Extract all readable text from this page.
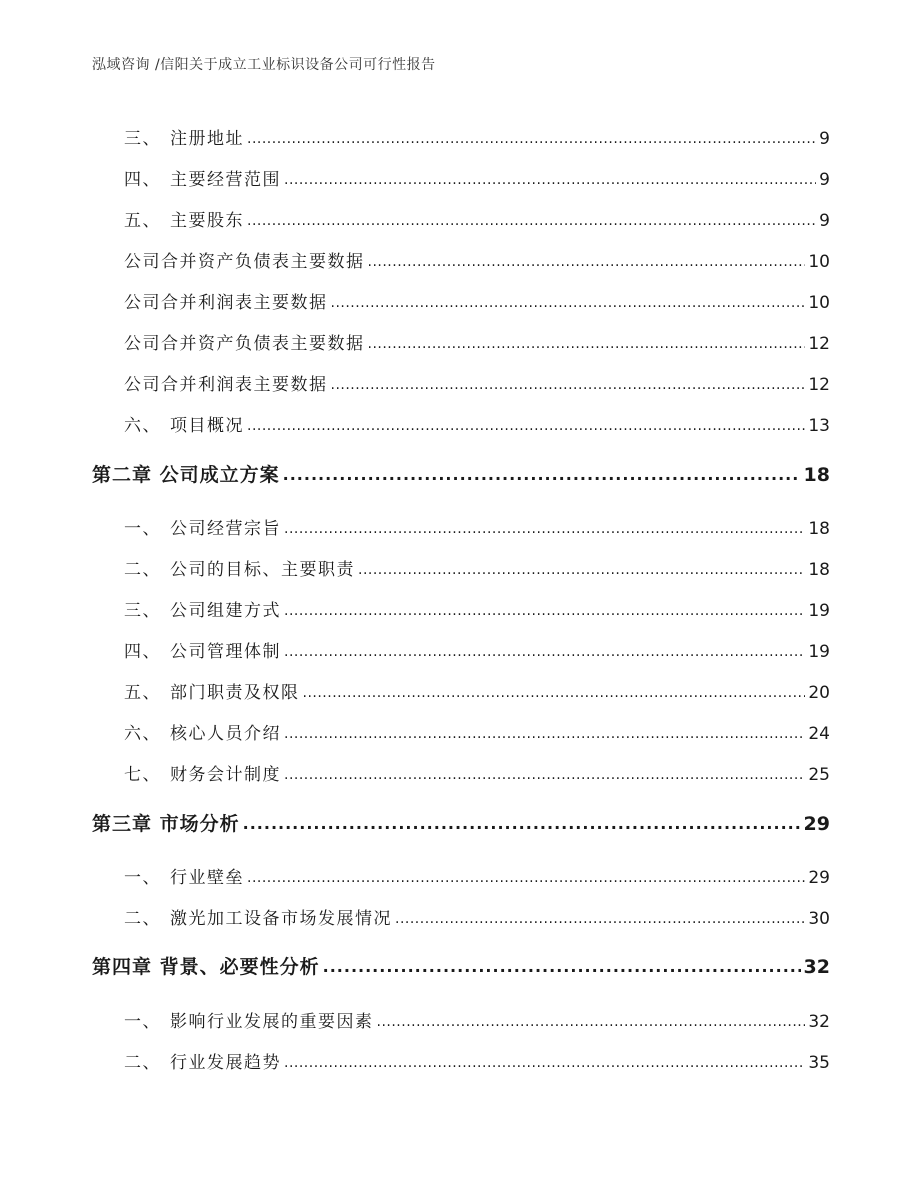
泓域咨询 /信阳关于成立工业标识设备公司可行性报告
三、 注册地址 .....	9
四、 主要经营范围 .....	9
五、 主要股东 .....	9
公司合并资产负债表主要数据 .....	10
公司合并利润表主要数据 .....	10
公司合并资产负债表主要数据 .....	12
公司合并利润表主要数据 .....	12
六、 项目概况 .....	13
第二章 公司成立方案 .....	18
一、 公司经营宗旨 .....	18
二、 公司的目标、主要职责 .....	18
三、 公司组建方式 .....	19
四、 公司管理体制 .....	19
五、 部门职责及权限 .....	20
六、 核心人员介绍 .....	24
七、 财务会计制度 .....	25
第三章 市场分析 .....	29
一、 行业壁垒 .....	29
二、 激光加工设备市场发展情况 .....	30
第四章 背景、必要性分析 .....	32
一、 影响行业发展的重要因素 .....	32
二、 行业发展趋势 .....	35
